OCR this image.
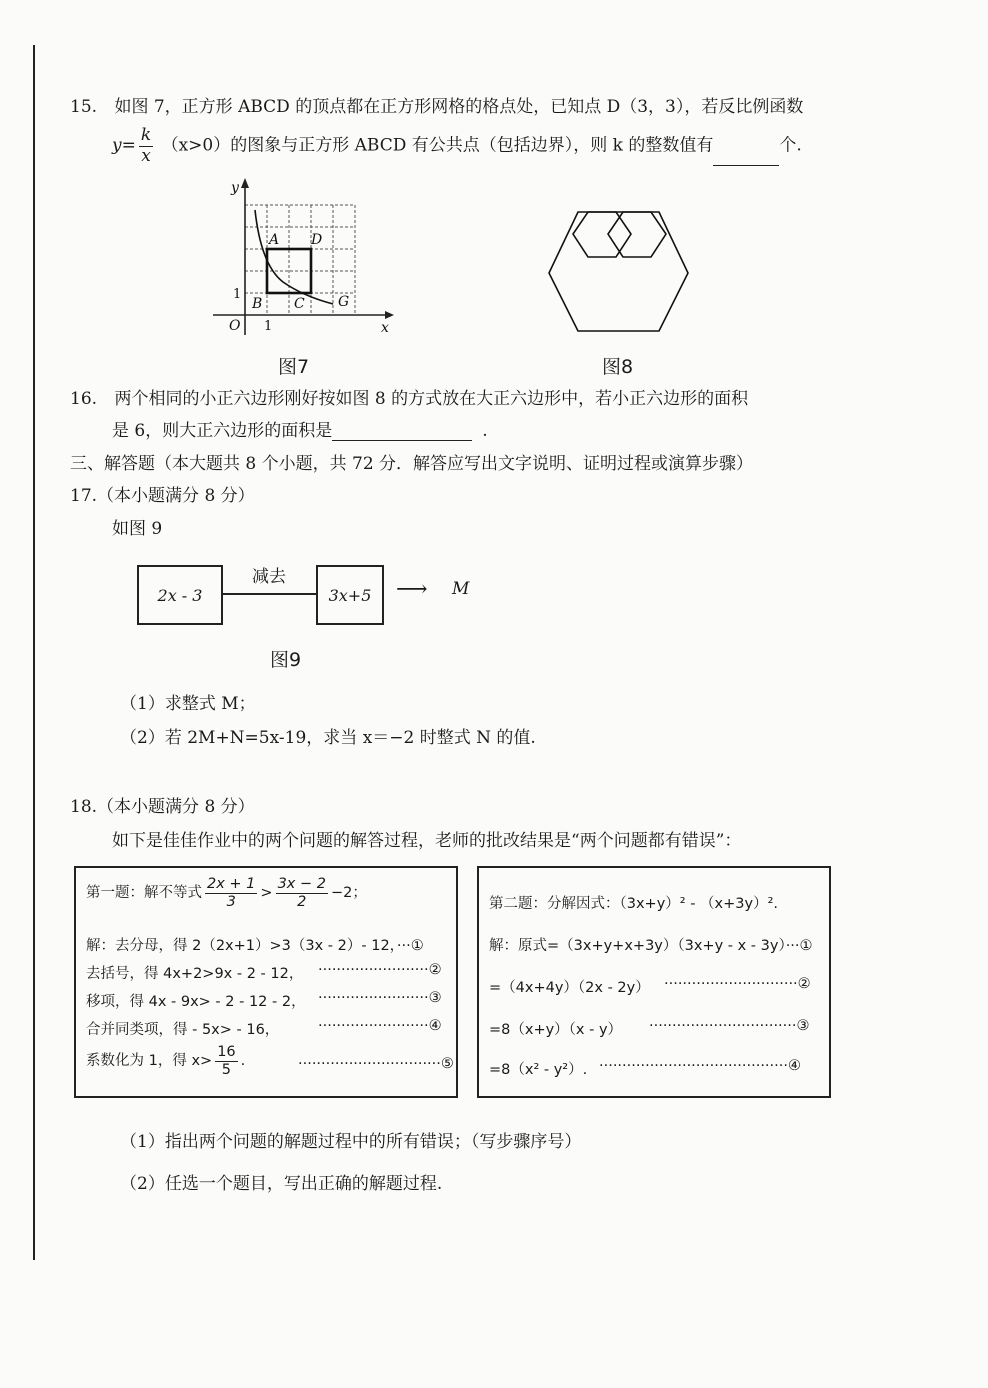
15. 如图 7，正方形 ABCD 的顶点都在正方形网格的格点处，已知点 D（3，3），若反比例函数
$y= \frac{k}{x} (x>0)$的图象与正方形 ABCD 有公共点（包括边界），则 k 的整数值有	个.
y
x
O
A D
B C G
1
1
图7	图8
16. 两个相同的小正六边形刚好按如图 8 的方式放在大正六边形中，若小正六边形的面积
是 6，则大正六边形的面积是	.
三、解答题（本大题共 8 个小题，共 72 分．解答应写出文字说明、证明过程或演算步骤）
17.（本小题满分 8 分）
如图 9
2x - 3
减去
3x+5 ⟶ M
图9
（1）求整式 M；
（2）若 2M+N=5x-19，求当 x＝−2 时整式 N 的值.
18.（本小题满分 8 分）
如下是佳佳作业中的两个问题的解答过程，老师的批改结果是“两个问题都有错误”：
第一题：解不等式 $\frac{2x + 1}{3} > \frac{3x - 2}{2} -2$；
解：去分母，得 2（2x+1）>3（3x - 2）- 12，···①
去括号，得 4x+2>9x - 2 - 12， ························②
移项，得 4x - 9x> - 2 - 12 - 2， ························③
合并同类项，得 - 5x> - 16，	························④
系数化为 1，得 $x> \frac{16}{5}$ .	·······························⑤
第二题：分解因式：（3x+y）² - （x+3y）².
解：原式=（3x+y+x+3y）（3x+y - x - 3y）···①
=（4x+4y）（2x - 2y） ·····························②
=8（x+y）（x - y） ································③
=8（x² - y²）. ·········································④
（1）指出两个问题的解题过程中的所有错误；（写步骤序号）
（2）任选一个题目，写出正确的解题过程.
